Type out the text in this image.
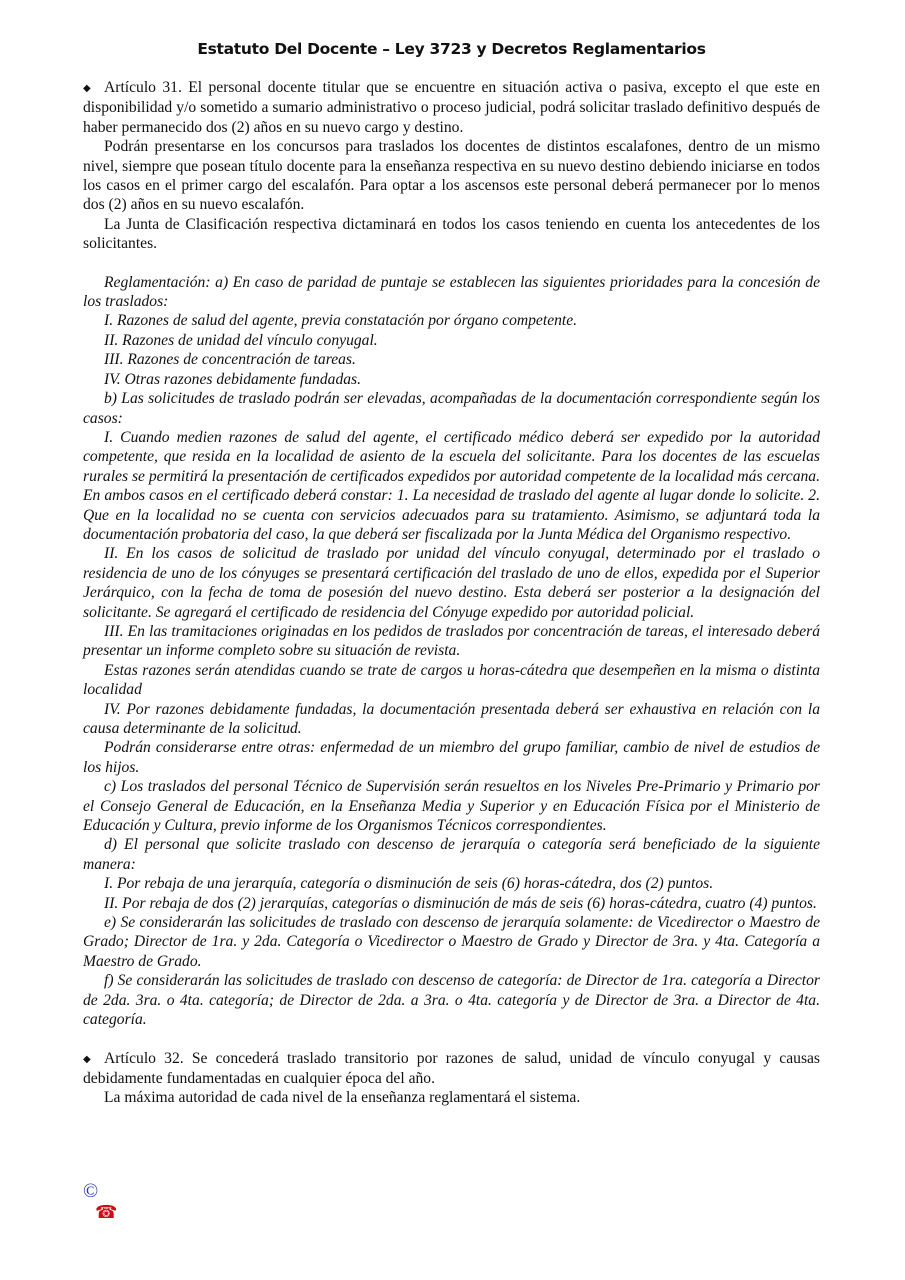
Estatuto Del Docente – Ley 3723 y Decretos Reglamentarios

◆ Artículo 31. El personal docente titular que se encuentre en situación activa o pasiva, excepto el que este en disponibilidad y/o sometido a sumario administrativo o proceso judicial, podrá solicitar traslado definitivo después de haber permanecido dos (2) años en su nuevo cargo y destino.

Podrán presentarse en los concursos para traslados los docentes de distintos escalafones, dentro de un mismo nivel, siempre que posean título docente para la enseñanza respectiva en su nuevo destino debiendo iniciarse en todos los casos en el primer cargo del escalafón. Para optar a los ascensos este personal deberá permanecer por lo menos dos (2) años en su nuevo escalafón.

La Junta de Clasificación respectiva dictaminará en todos los casos teniendo en cuenta los antecedentes de los solicitantes.

Reglamentación: a) En caso de paridad de puntaje se establecen las siguientes prioridades para la concesión de los traslados:

I. Razones de salud del agente, previa constatación por órgano competente.

II. Razones de unidad del vínculo conyugal.

III. Razones de concentración de tareas.

IV. Otras razones debidamente fundadas.

b) Las solicitudes de traslado podrán ser elevadas, acompañadas de la documentación correspondiente según los casos:

I. Cuando medien razones de salud del agente, el certificado médico deberá ser expedido por la autoridad competente, que resida en la localidad de asiento de la escuela del solicitante. Para los docentes de las escuelas rurales se permitirá la presentación de certificados expedidos por autoridad competente de la localidad más cercana. En ambos casos en el certificado deberá constar: 1. La necesidad de traslado del agente al lugar donde lo solicite. 2. Que en la localidad no se cuenta con servicios adecuados para su tratamiento. Asimismo, se adjuntará toda la documentación probatoria del caso, la que deberá ser fiscalizada por la Junta Médica del Organismo respectivo.

II. En los casos de solicitud de traslado por unidad del vínculo conyugal, determinado por el traslado o residencia de uno de los cónyuges se presentará certificación del traslado de uno de ellos, expedida por el Superior Jerárquico, con la fecha de toma de posesión del nuevo destino. Esta deberá ser posterior a la designación del solicitante. Se agregará el certificado de residencia del Cónyuge expedido por autoridad policial.

III. En las tramitaciones originadas en los pedidos de traslados por concentración de tareas, el interesado deberá presentar un informe completo sobre su situación de revista.

Estas razones serán atendidas cuando se trate de cargos u horas-cátedra que desempeñen en la misma o distinta localidad

IV. Por razones debidamente fundadas, la documentación presentada deberá ser exhaustiva en relación con la causa determinante de la solicitud.

Podrán considerarse entre otras: enfermedad de un miembro del grupo familiar, cambio de nivel de estudios de los hijos.

c) Los traslados del personal Técnico de Supervisión serán resueltos en los Niveles Pre-Primario y Primario por el Consejo General de Educación, en la Enseñanza Media y Superior y en Educación Física por el Ministerio de Educación y Cultura, previo informe de los Organismos Técnicos correspondientes.

d) El personal que solicite traslado con descenso de jerarquía o categoría será beneficiado de la siguiente manera:

I. Por rebaja de una jerarquía, categoría o disminución de seis (6) horas-cátedra, dos (2) puntos.

II. Por rebaja de dos (2) jerarquías, categorías o disminución de más de seis (6) horas-cátedra, cuatro (4) puntos.

e) Se considerarán las solicitudes de traslado con descenso de jerarquía solamente: de Vicedirector o Maestro de Grado; Director de 1ra. y 2da. Categoría o Vicedirector o Maestro de Grado y Director de 3ra. y 4ta. Categoría a Maestro de Grado.

f) Se considerarán las solicitudes de traslado con descenso de categoría: de Director de 1ra. categoría a Director de 2da. 3ra. o 4ta. categoría; de Director de 2da. a 3ra. o 4ta. categoría y de Director de 3ra. a Director de 4ta. categoría.

◆ Artículo 32. Se concederá traslado transitorio por razones de salud, unidad de vínculo conyugal y causas debidamente fundamentadas en cualquier época del año.

La máxima autoridad de cada nivel de la enseñanza reglamentará el sistema.

©
☎
